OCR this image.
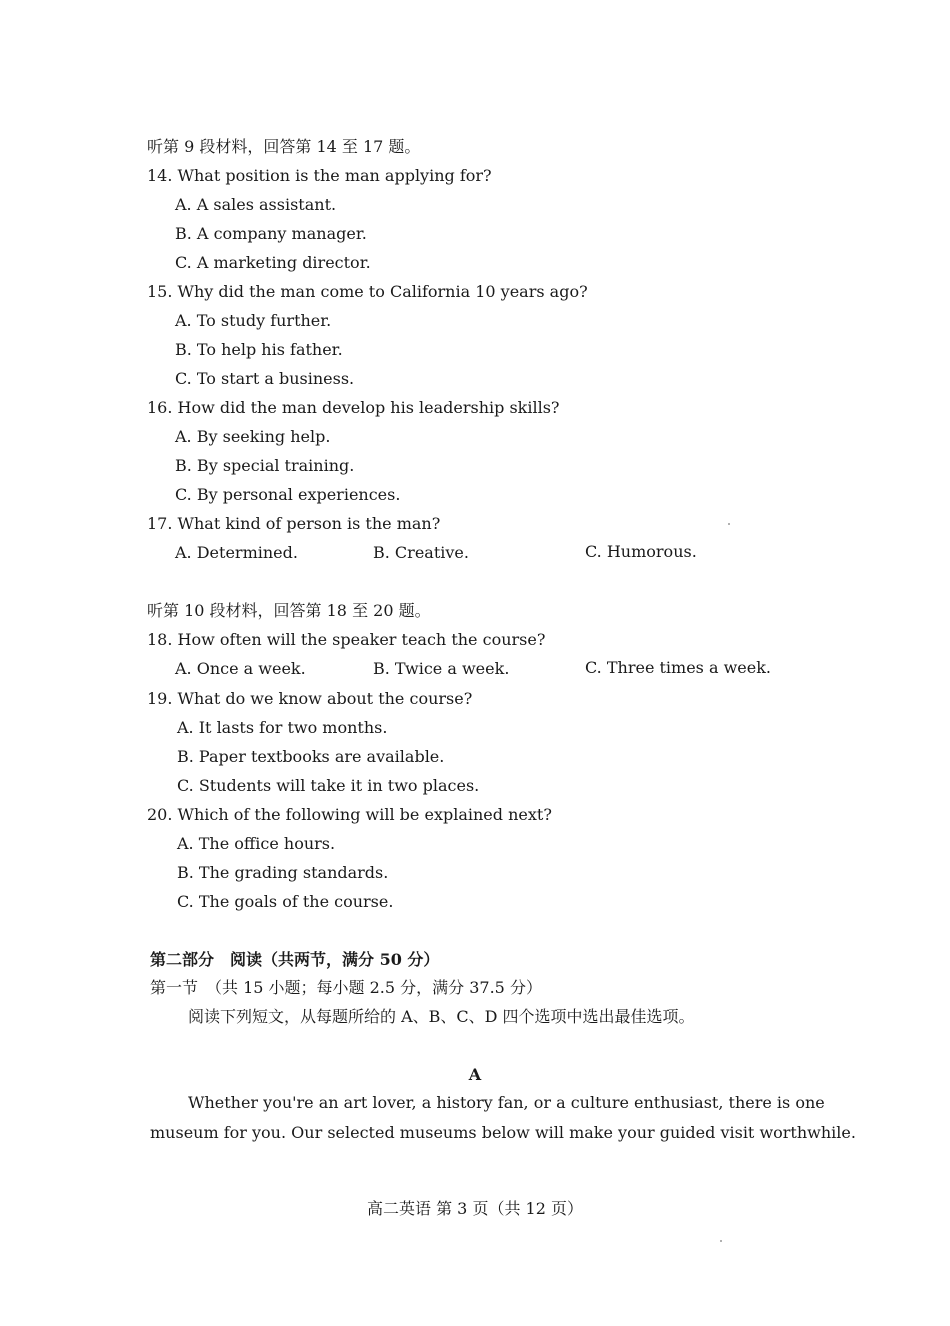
听第 9 段材料，回答第 14 至 17 题。
14. What position is the man applying for?
A. A sales assistant.
B. A company manager.
C. A marketing director.
15. Why did the man come to California 10 years ago?
A. To study further.
B. To help his father.
C. To start a business.
16. How did the man develop his leadership skills?
A. By seeking help.
B. By special training.
C. By personal experiences.
17. What kind of person is the man?
A. Determined.	B. Creative.	C. Humorous.
听第 10 段材料，回答第 18 至 20 题。
18. How often will the speaker teach the course?
A. Once a week.	B. Twice a week.	C. Three times a week.
19. What do we know about the course?
A. It lasts for two months.
B. Paper textbooks are available.
C. Students will take it in two places.
20. Which of the following will be explained next?
A. The office hours.
B. The grading standards.
C. The goals of the course.
第二部分　阅读（共两节，满分 50 分）
第一节　（共 15 小题；每小题 2.5 分，满分 37.5 分）
阅读下列短文，从每题所给的 A、B、C、D 四个选项中选出最佳选项。
A
Whether you're an art lover, a history fan, or a culture enthusiast, there is one museum for you. Our selected museums below will make your guided visit worthwhile.
高二英语 第 3 页（共 12 页）
